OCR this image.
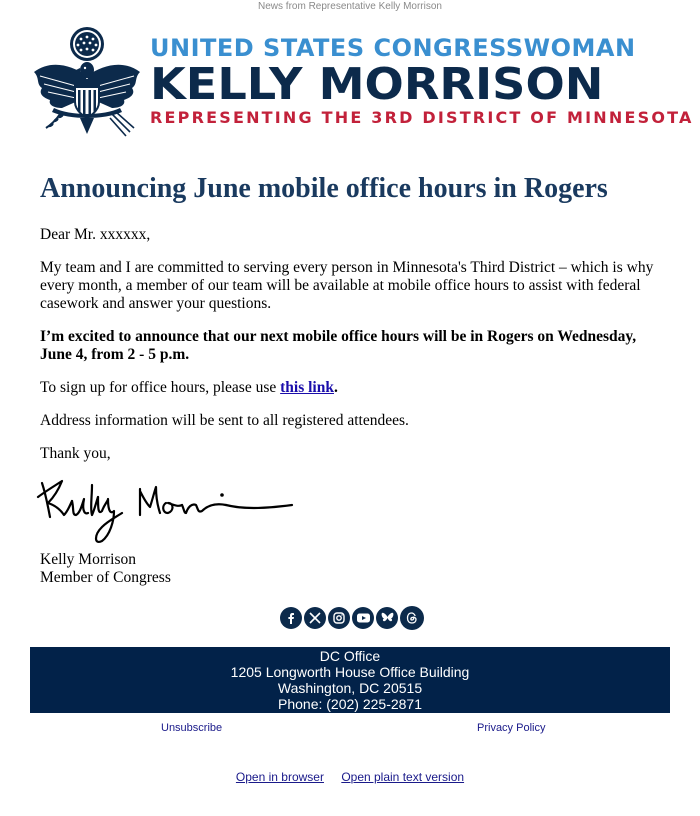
News from Representative Kelly Morrison
UNITED STATES CONGRESSWOMAN
KELLY MORRISON
REPRESENTING THE 3RD DISTRICT OF MINNESOTA
Announcing June mobile office hours in Rogers

Dear Mr. xxxxxx,

My team and I are committed to serving every person in Minnesota's Third District – which is why every month, a member of our team will be available at mobile office hours to assist with federal casework and answer your questions.

I’m excited to announce that our next mobile office hours will be in Rogers on Wednesday, June 4, from 2 - 5 p.m.

To sign up for office hours, please use this link.

Address information will be sent to all registered attendees.

Thank you,

Kelly Morrison
Member of Congress
DC Office
1205 Longworth House Office Building
Washington, DC 20515
Phone: (202) 225-2871
Unsubscribe	Privacy Policy
Open in browser Open plain text version
